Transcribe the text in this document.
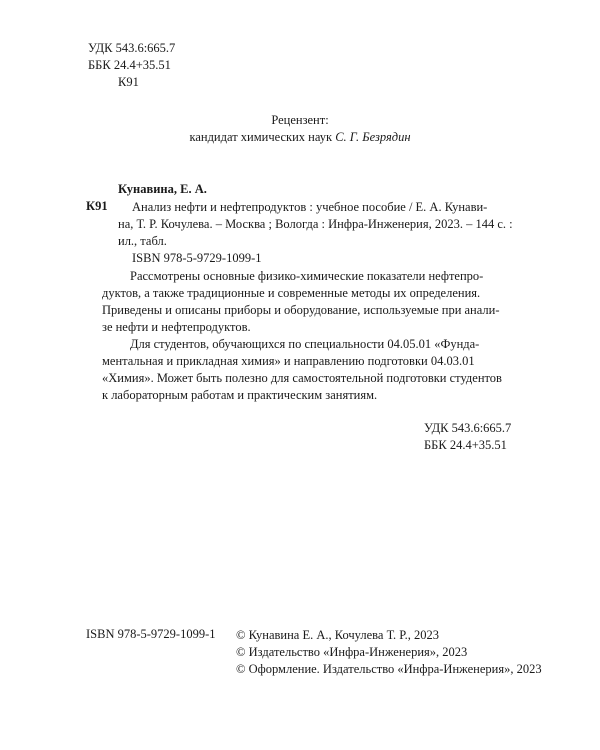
УДК 543.6:665.7
ББК 24.4+35.51
К91
Рецензент:
кандидат химических наук С. Г. Безрядин
Кунавина, Е. А.
К91	Анализ нефти и нефтепродуктов : учебное пособие / Е. А. Кунави-
на, Т. Р. Кочулева. – Москва ; Вологда : Инфра-Инженерия, 2023. – 144 с. :
ил., табл.
ISBN 978-5-9729-1099-1
Рассмотрены основные физико-химические показатели нефтепро-
дуктов, а также традиционные и современные методы их определения.
Приведены и описаны приборы и оборудование, используемые при анали-
зе нефти и нефтепродуктов.
Для студентов, обучающихся по специальности 04.05.01 «Фунда-
ментальная и прикладная химия» и направлению подготовки 04.03.01
«Химия». Может быть полезно для самостоятельной подготовки студентов
к лабораторным работам и практическим занятиям.
УДК 543.6:665.7
ББК 24.4+35.51
ISBN 978-5-9729-1099-1 © Кунавина Е. А., Кочулева Т. Р., 2023
© Издательство «Инфра-Инженерия», 2023
© Оформление. Издательство «Инфра-Инженерия», 2023
